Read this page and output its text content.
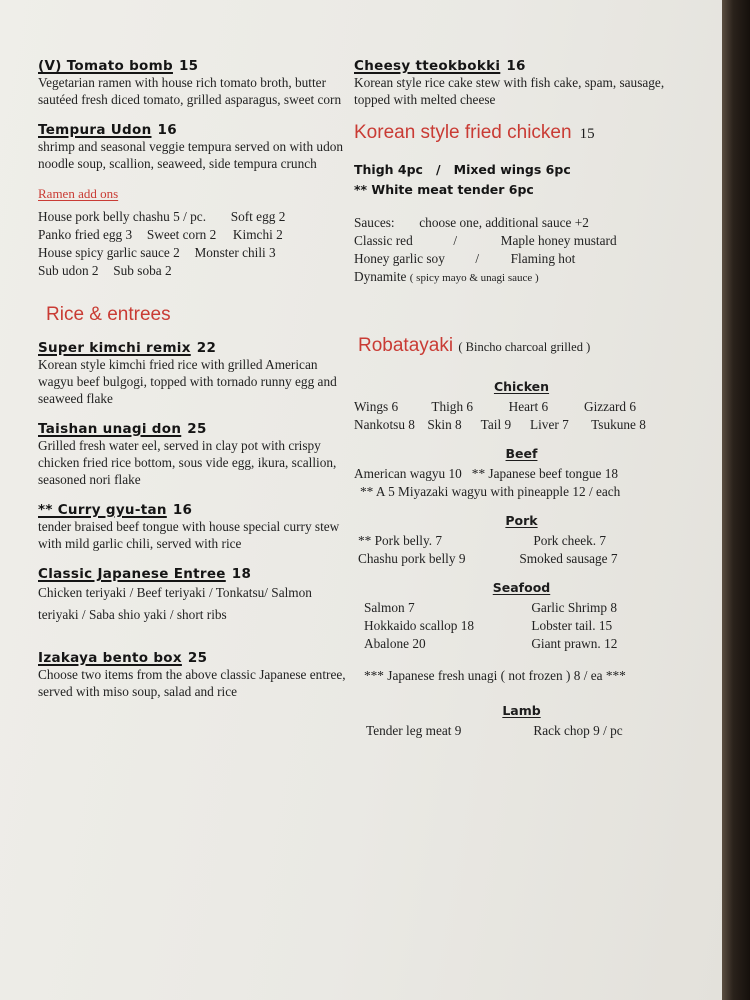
(V) Tomato bomb 15
Vegetarian ramen with house rich tomato broth, butter sautéed fresh diced tomato, grilled asparagus, sweet corn
Tempura Udon 16
shrimp and seasonal veggie tempura served on with udon noodle soup, scallion, seaweed, side tempura crunch
Ramen add ons
House pork belly chashu 5 / pc. Soft egg 2
Panko fried egg 3 Sweet corn 2 Kimchi 2
House spicy garlic sauce 2 Monster chili 3
Sub udon 2 Sub soba 2
Rice & entrees
Super kimchi remix 22
Korean style kimchi fried rice with grilled American wagyu beef bulgogi, topped with tornado runny egg and seaweed flake
Taishan unagi don 25
Grilled fresh water eel, served in clay pot with crispy chicken fried rice bottom, sous vide egg, ikura, scallion, seasoned nori flake
** Curry gyu-tan 16
tender braised beef tongue with house special curry stew with mild garlic chili, served with rice
Classic Japanese Entree 18
Chicken teriyaki / Beef teriyaki / Tonkatsu/ Salmon teriyaki / Saba shio yaki / short ribs
Izakaya bento box 25
Choose two items from the above classic Japanese entree, served with miso soup, salad and rice
Cheesy tteokbokki 16
Korean style rice cake stew with fish cake, spam, sausage, topped with melted cheese
Korean style fried chicken 15
Thigh 4pc   /   Mixed wings 6pc
** White meat tender 6pc
Sauces: choose one, additional sauce +2
Classic red	/	Maple honey mustard
Honey garlic soy / Flaming hot
Dynamite ( spicy mayo & unagi sauce )
Robatayaki ( Bincho charcoal grilled )
Chicken
Wings 6 Thigh 6	Heart 6	Gizzard 6
Nankotsu 8 Skin 8 Tail 9 Liver 7 Tsukune 8
Beef
American wagyu 10   ** Japanese beef tongue 18
** A 5 Miyazaki wagyu with pineapple 12 / each
Pork
** Pork belly. 7	Pork cheek. 7
Chashu pork belly 9	Smoked sausage 7
Seafood
Salmon 7	Garlic Shrimp 8
Hokkaido scallop 18	Lobster tail. 15
Abalone 20	Giant prawn. 12
*** Japanese fresh unagi ( not frozen ) 8 / ea ***
Lamb
Tender leg meat 9	Rack chop 9 / pc
